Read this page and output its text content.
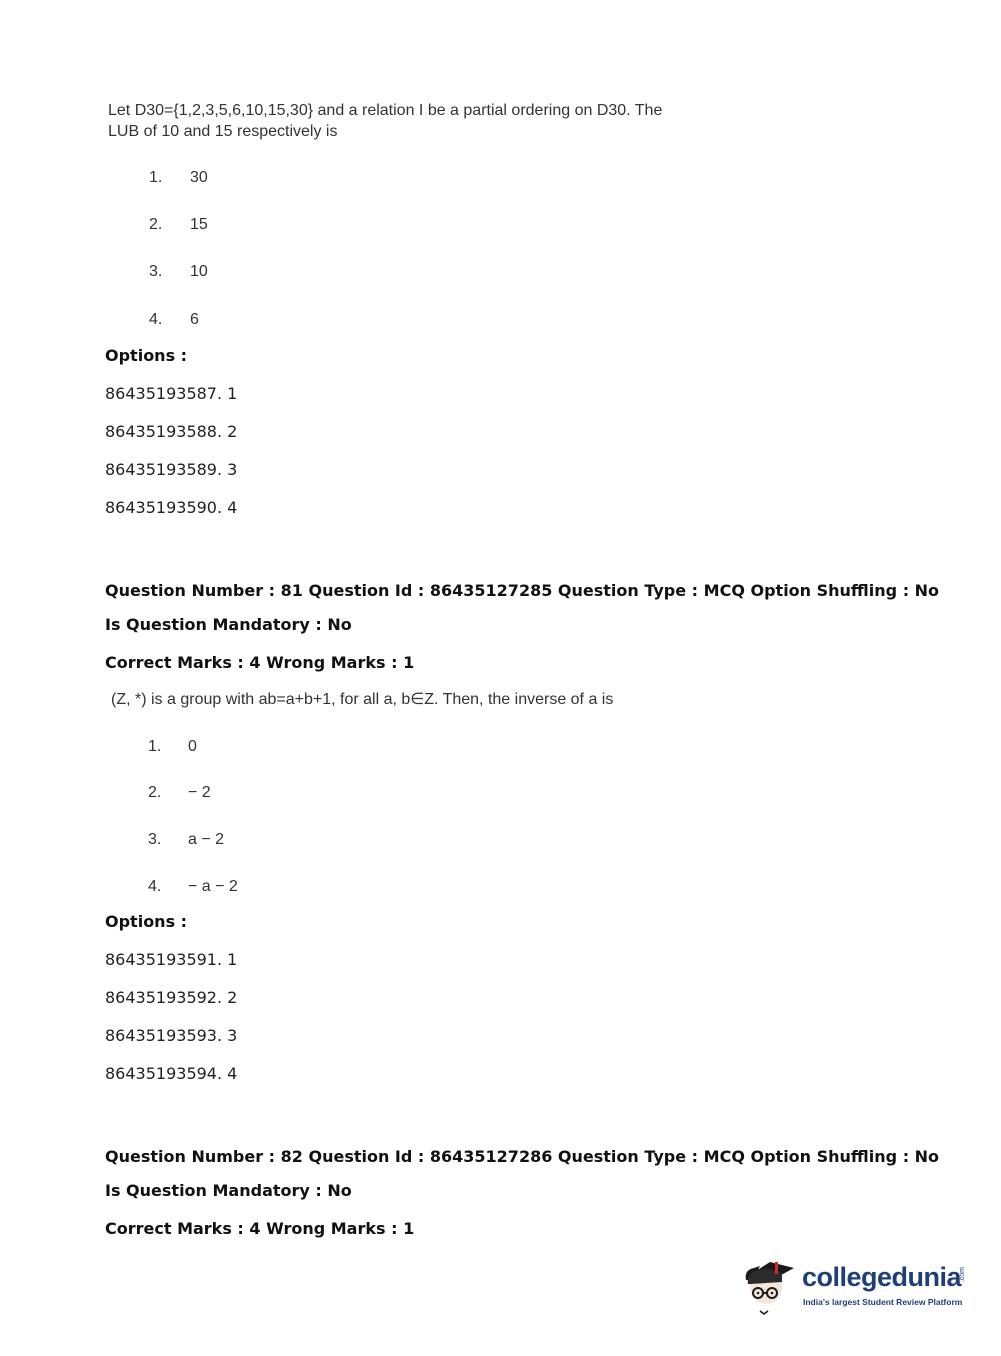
Let D30={1,2,3,5,6,10,15,30} and a relation I be a partial ordering on D30. The
LUB of 10 and 15 respectively is
1. 30
2. 15
3. 10
4. 6
Options :
86435193587. 1
86435193588. 2
86435193589. 3
86435193590. 4
Question Number : 81 Question Id : 86435127285 Question Type : MCQ Option Shuffling : No
Is Question Mandatory : No
Correct Marks : 4 Wrong Marks : 1
(Z, *) is a group with ab=a+b+1, for all a, b∈Z. Then, the inverse of a is
1. 0
2. − 2
3. a − 2
4. − a − 2
Options :
86435193591. 1
86435193592. 2
86435193593. 3
86435193594. 4
Question Number : 82 Question Id : 86435127286 Question Type : MCQ Option Shuffling : No
Is Question Mandatory : No
Correct Marks : 4 Wrong Marks : 1
collegedunia
.com
India's largest Student Review Platform
